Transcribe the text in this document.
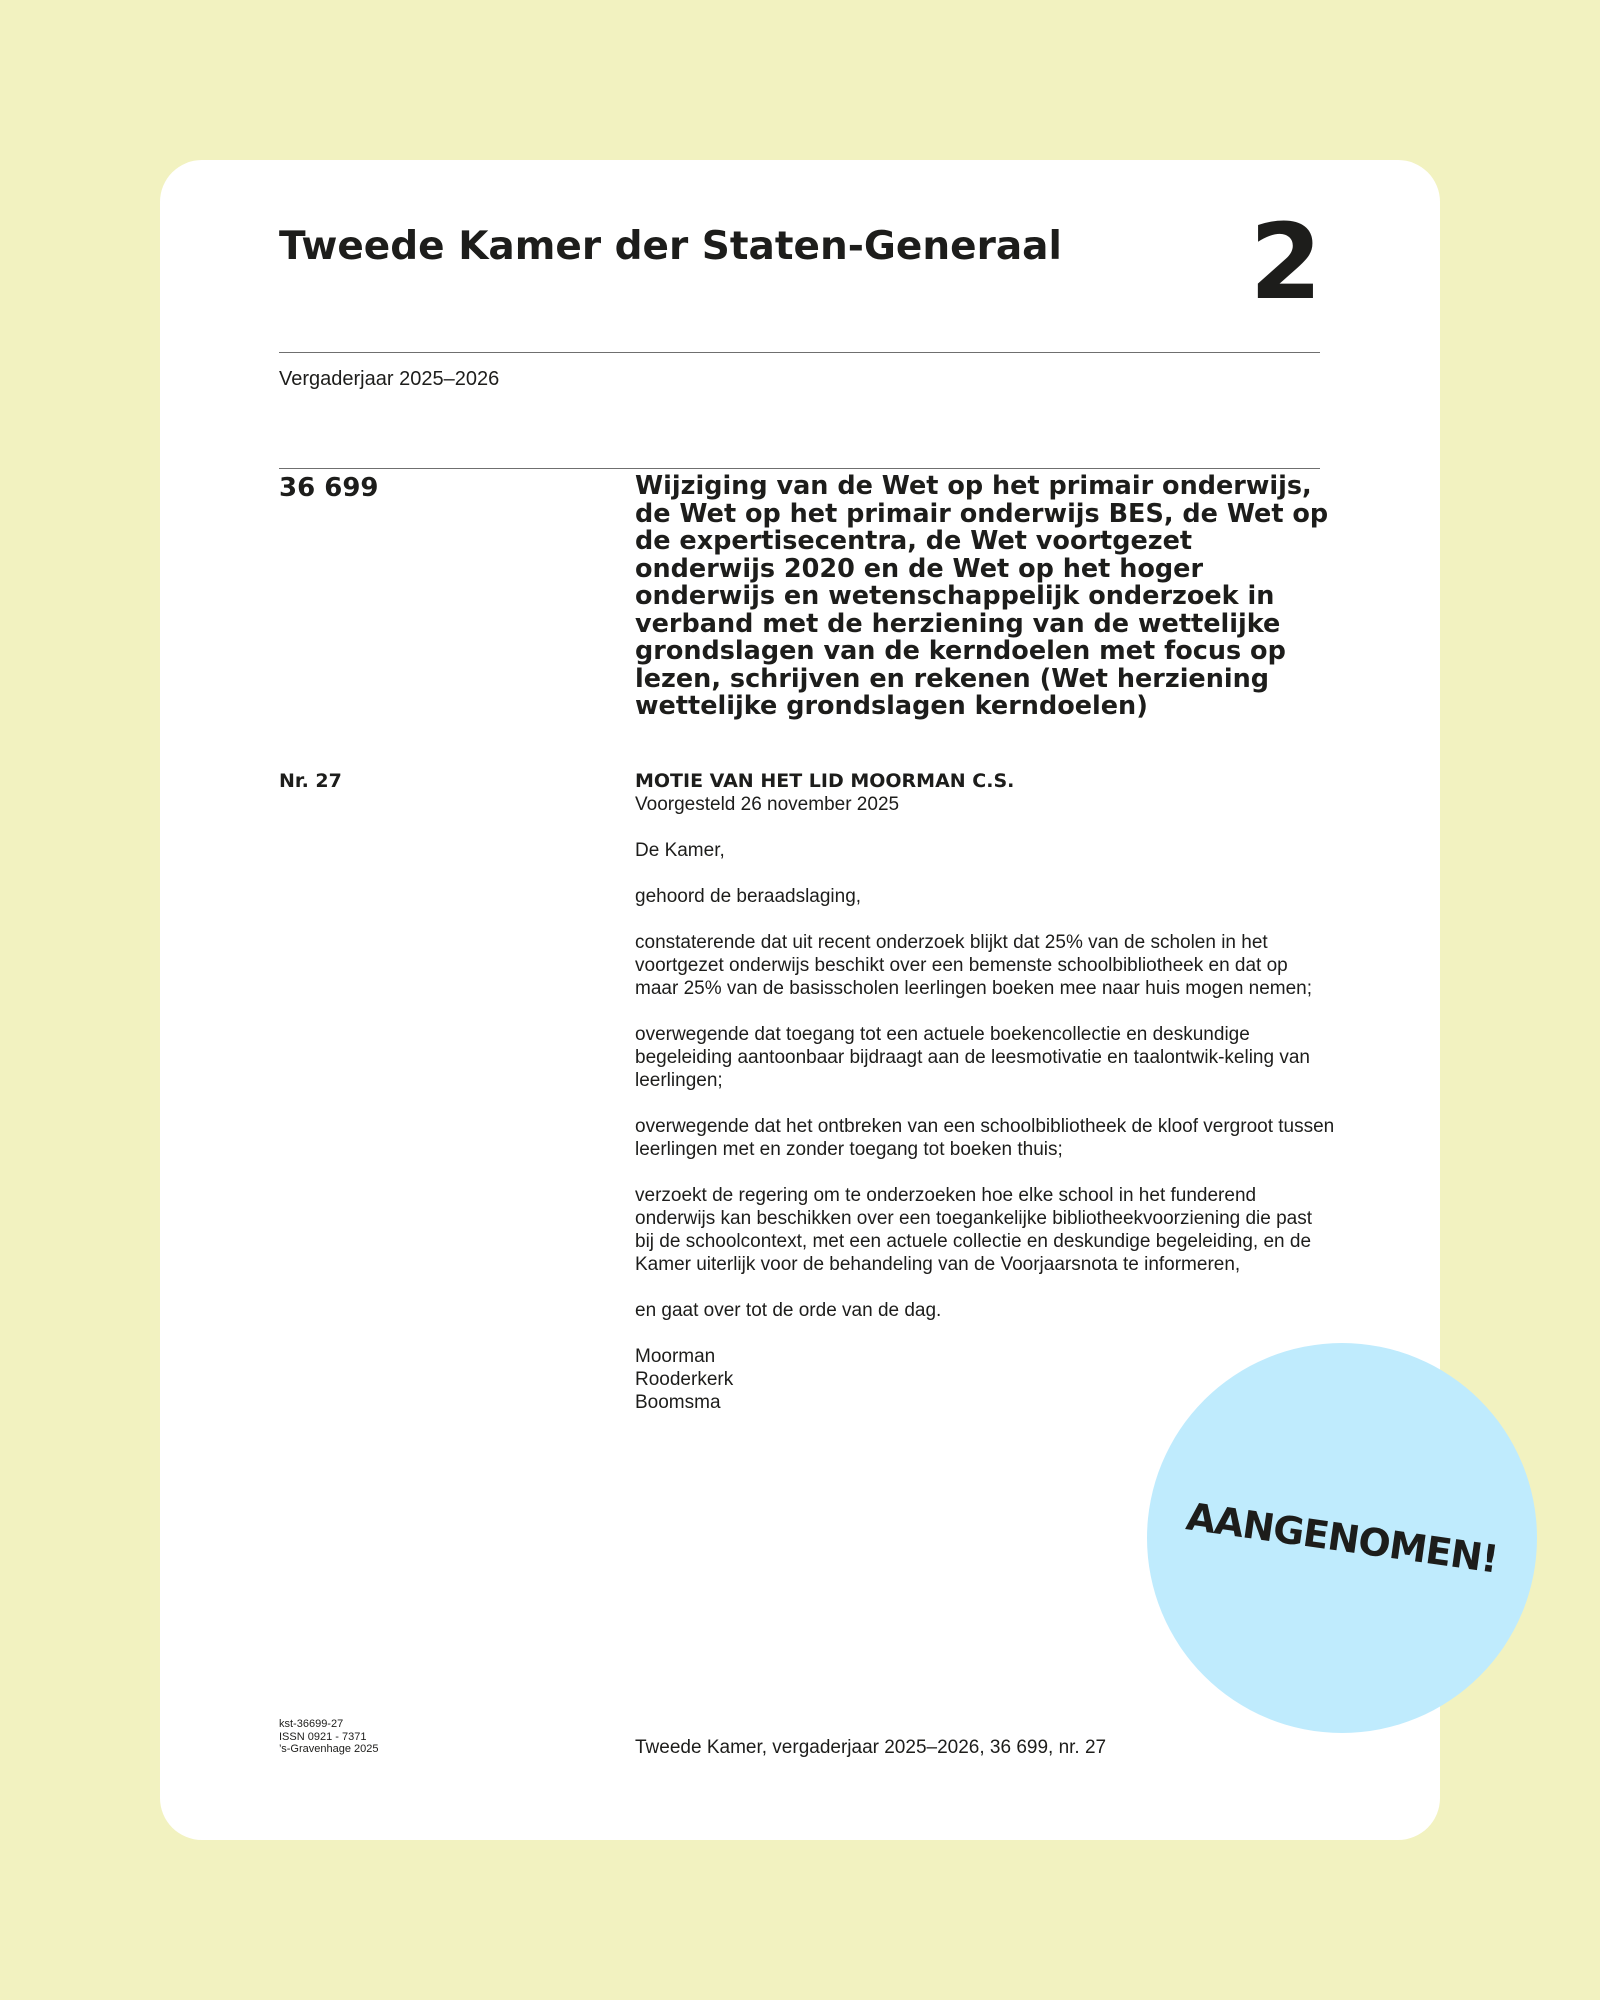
Tweede Kamer der Staten-Generaal 2
Vergaderjaar 2025–2026
36 699	Wijziging van de Wet op het primair onderwijs, de Wet op het primair onderwijs BES, de Wet op de expertisecentra, de Wet voortgezet onderwijs 2020 en de Wet op het hoger onderwijs en wetenschappelijk onderzoek in verband met de herziening van de wettelijke grondslagen van de kerndoelen met focus op lezen, schrijven en rekenen (Wet herziening wettelijke grondslagen kerndoelen)
Nr. 27	MOTIE VAN HET LID MOORMAN C.S.
Voorgesteld 26 november 2025

De Kamer,

gehoord de beraadslaging,

constaterende dat uit recent onderzoek blijkt dat 25% van de scholen in het voortgezet onderwijs beschikt over een bemenste schoolbibliotheek en dat op maar 25% van de basisscholen leerlingen boeken mee naar huis mogen nemen;

overwegende dat toegang tot een actuele boekencollectie en deskundige begeleiding aantoonbaar bijdraagt aan de leesmotivatie en taalontwik-keling van leerlingen;

overwegende dat het ontbreken van een schoolbibliotheek de kloof vergroot tussen leerlingen met en zonder toegang tot boeken thuis;

verzoekt de regering om te onderzoeken hoe elke school in het funderend onderwijs kan beschikken over een toegankelijke bibliotheekvoorziening die past bij de schoolcontext, met een actuele collectie en deskundige begeleiding, en de Kamer uiterlijk voor de behandeling van de Voorjaarsnota te informeren,

en gaat over tot de orde van de dag.

Moorman
Rooderkerk
Boomsma
kst-36699-27
ISSN 0921 - 7371
’s-Gravenhage 2025	Tweede Kamer, vergaderjaar 2025–2026, 36 699, nr. 27
AANGENOMEN!
